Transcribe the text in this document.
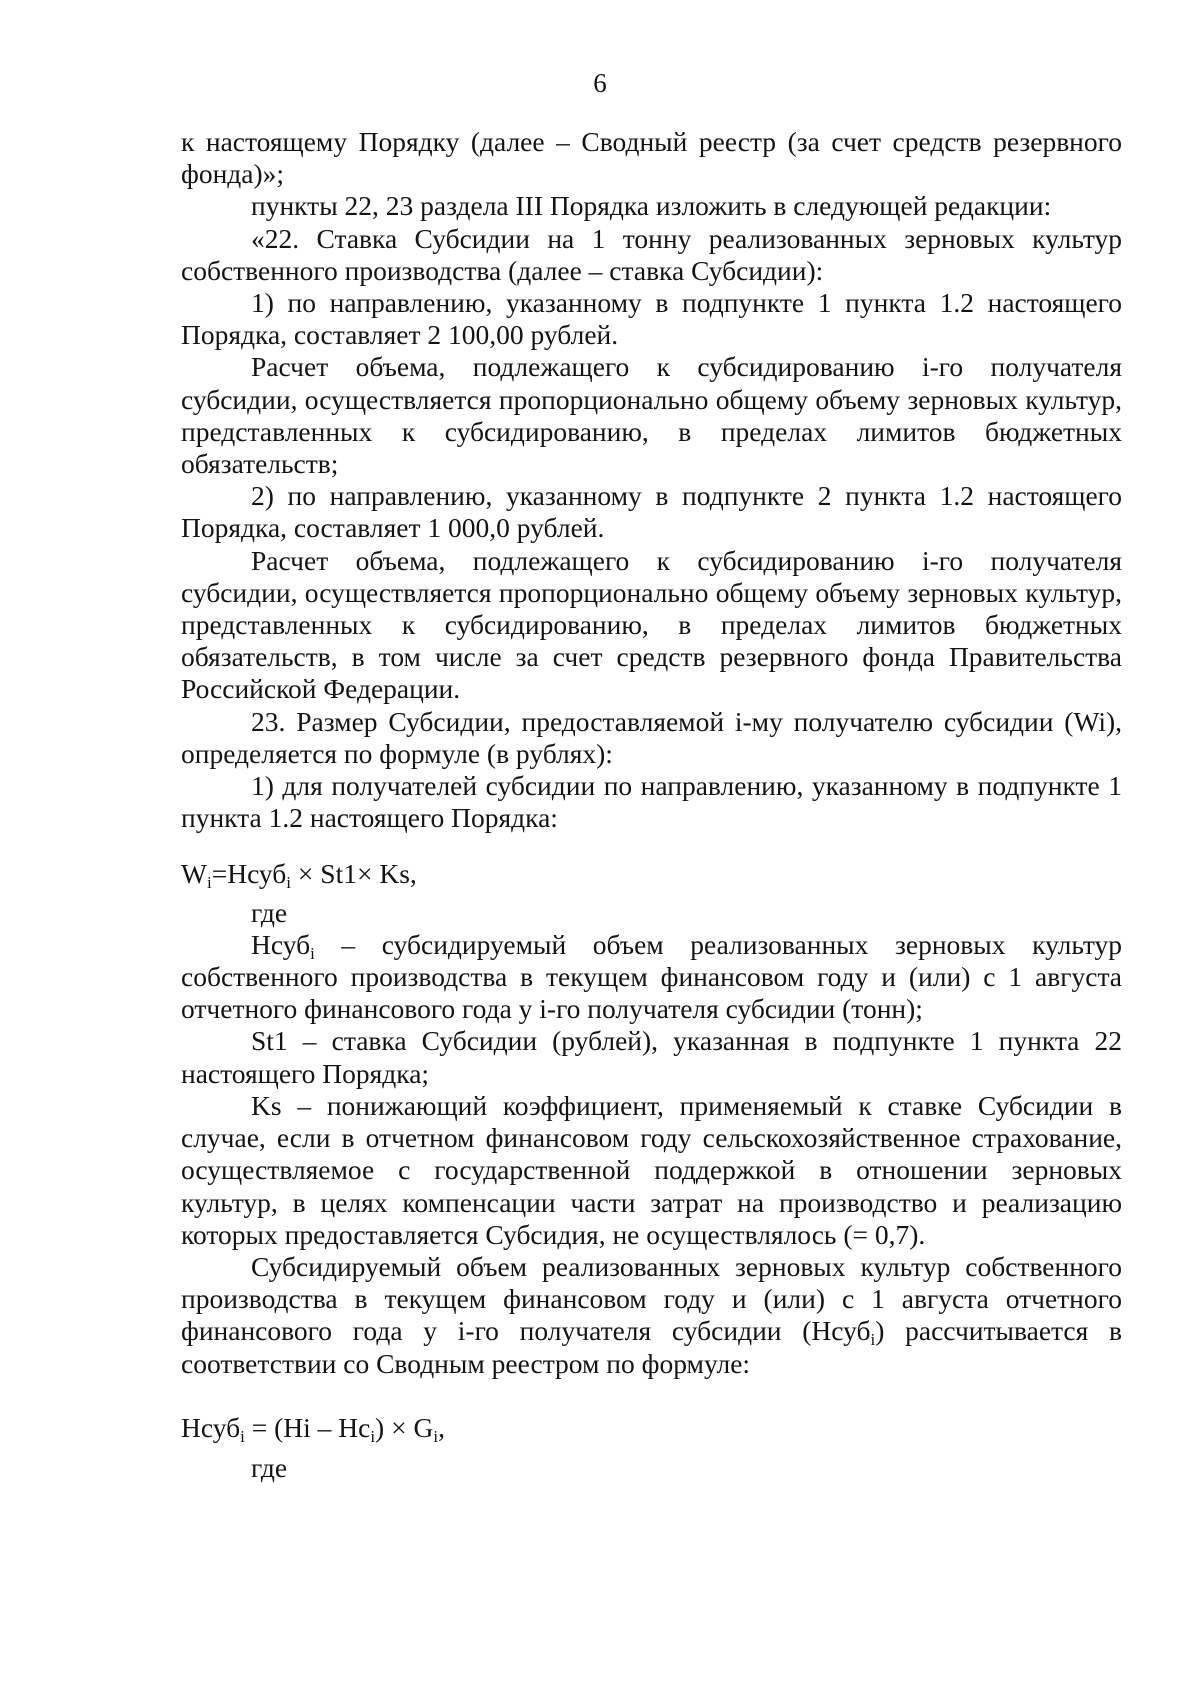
6

к настоящему Порядку (далее – Сводный реестр (за счет средств резервного фонда)»;

пункты 22, 23 раздела III Порядка изложить в следующей редакции:

«22. Ставка Субсидии на 1 тонну реализованных зерновых культур собственного производства (далее – ставка Субсидии):

1) по направлению, указанному в подпункте 1 пункта 1.2 настоящего Порядка, составляет 2 100,00 рублей.

Расчет объема, подлежащего к субсидированию i-го получателя субсидии, осуществляется пропорционально общему объему зерновых культур, представленных к субсидированию, в пределах лимитов бюджетных обязательств;

2) по направлению, указанному в подпункте 2 пункта 1.2 настоящего Порядка, составляет 1 000,0 рублей.

Расчет объема, подлежащего к субсидированию i-го получателя субсидии, осуществляется пропорционально общему объему зерновых культур, представленных к субсидированию, в пределах лимитов бюджетных обязательств, в том числе за счет средств резервного фонда Правительства Российской Федерации.

23. Размер Субсидии, предоставляемой i-му получателю субсидии (Wi), определяется по формуле (в рублях):

1) для получателей субсидии по направлению, указанному в подпункте 1 пункта 1.2 настоящего Порядка:

$W_i=Нсуб_i \times St1\times Ks$,

где

Нсуб$_i$ – субсидируемый объем реализованных зерновых культур собственного производства в текущем финансовом году и (или) с 1 августа отчетного финансового года у i-го получателя субсидии (тонн);

St1 – ставка Субсидии (рублей), указанная в подпункте 1 пункта 22 настоящего Порядка;

Ks – понижающий коэффициент, применяемый к ставке Субсидии в случае, если в отчетном финансовом году сельскохозяйственное страхование, осуществляемое с государственной поддержкой в отношении зерновых культур, в целях компенсации части затрат на производство и реализацию которых предоставляется Субсидия, не осуществлялось (= 0,7).

Субсидируемый объем реализованных зерновых культур собственного производства в текущем финансовом году и (или) с 1 августа отчетного финансового года у i-го получателя субсидии (Нсуб$_i$) рассчитывается в соответствии со Сводным реестром по формуле:

Нсуб$_i$ = $(Нi - Нс_i) \times G_i$,

где
